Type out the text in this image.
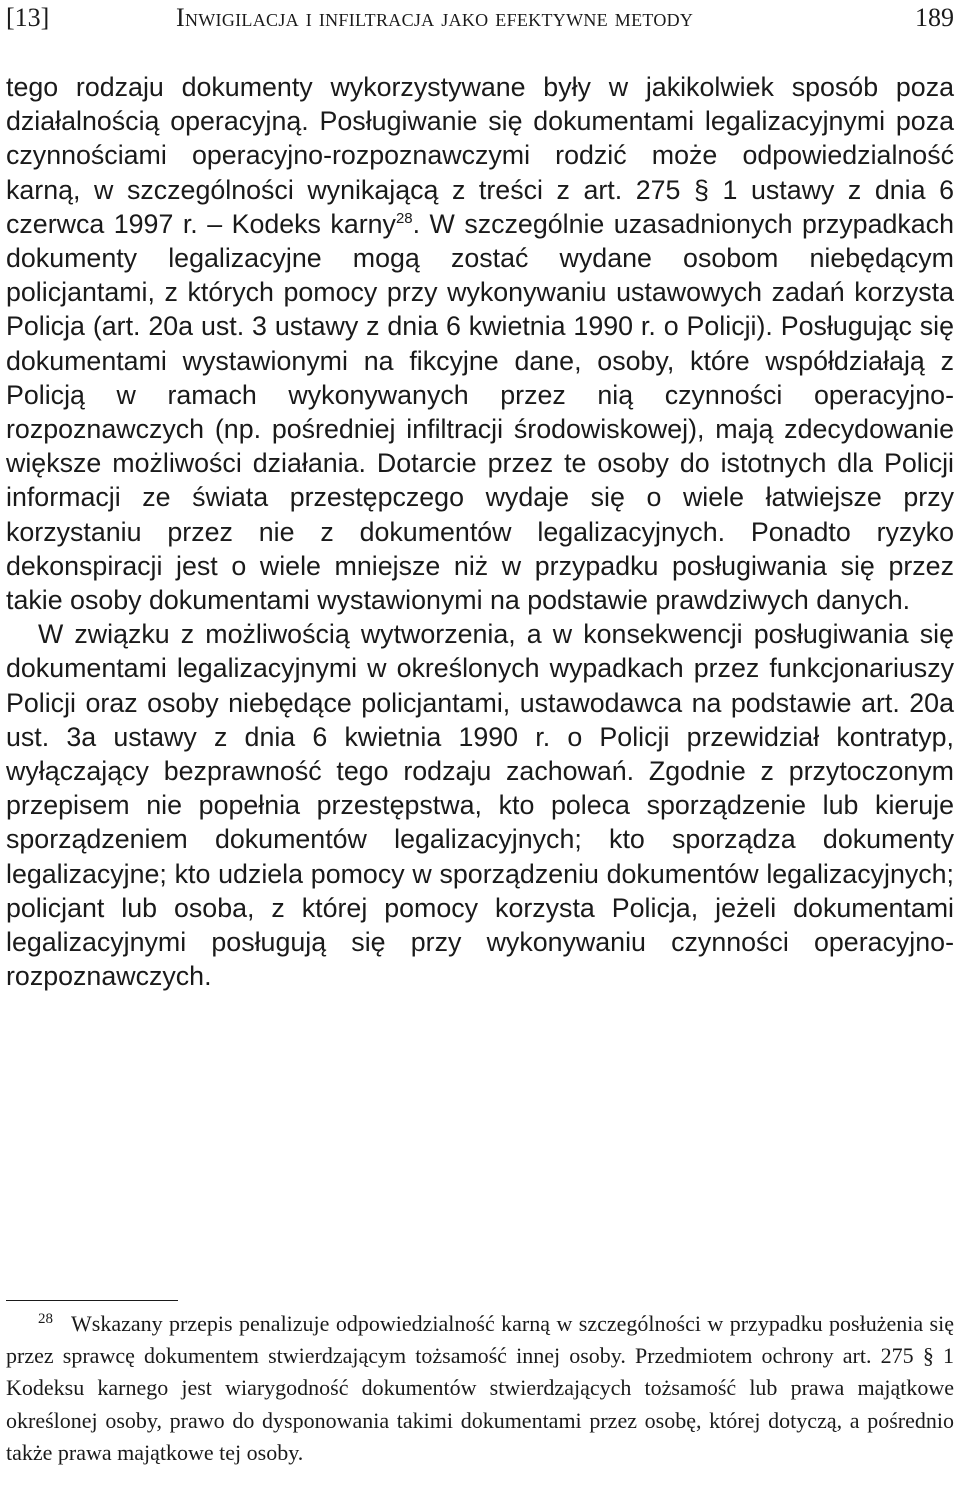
[13]	Inwigilacja i infiltracja jako efektywne metody	189

tego rodzaju dokumenty wykorzystywane były w jakikolwiek sposób poza działalnością operacyjną. Posługiwanie się dokumentami legalizacyjnymi poza czynnościami operacyjno-rozpoznawczymi rodzić może odpowiedzialność karną, w szczególności wynikającą z treści z art. 275 § 1 ustawy z dnia 6 czerwca 1997 r. – Kodeks karny$^{28}$. W szczególnie uzasadnionych przypadkach dokumenty legalizacyjne mogą zostać wydane osobom niebędącym policjantami, z których pomocy przy wykonywaniu ustawowych zadań korzysta Policja (art. 20a ust. 3 ustawy z dnia 6 kwietnia 1990 r. o Policji). Posługując się dokumentami wystawionymi na fikcyjne dane, osoby, które współdziałają z Policją w ramach wykonywanych przez nią czynności operacyjno-rozpoznawczych (np. pośredniej infiltracji środowiskowej), mają zdecydowanie większe możliwości działania. Dotarcie przez te osoby do istotnych dla Policji informacji ze świata przestępczego wydaje się o wiele łatwiejsze przy korzystaniu przez nie z dokumentów legalizacyjnych. Ponadto ryzyko dekonspiracji jest o wiele mniejsze niż w przypadku posługiwania się przez takie osoby dokumentami wystawionymi na podstawie prawdziwych danych.

W związku z możliwością wytworzenia, a w konsekwencji posługiwania się dokumentami legalizacyjnymi w określonych wypadkach przez funkcjonariuszy Policji oraz osoby niebędące policjantami, ustawodawca na podstawie art. 20a ust. 3a ustawy z dnia 6 kwietnia 1990 r. o Policji przewidział kontratyp, wyłączający bezprawność tego rodzaju zachowań. Zgodnie z przytoczonym przepisem nie popełnia przestępstwa, kto poleca sporządzenie lub kieruje sporządzeniem dokumentów legalizacyjnych; kto sporządza dokumenty legalizacyjne; kto udziela pomocy w sporządzeniu dokumentów legalizacyjnych; policjant lub osoba, z której pomocy korzysta Policja, jeżeli dokumentami legalizacyjnymi posługują się przy wykonywaniu czynności operacyjno-rozpoznawczych.

$^{28}$ Wskazany przepis penalizuje odpowiedzialność karną w szczególności w przypadku posłużenia się przez sprawcę dokumentem stwierdzającym tożsamość innej osoby. Przedmiotem ochrony art. 275 § 1 Kodeksu karnego jest wiarygodność dokumentów stwierdzających tożsamość lub prawa majątkowe określonej osoby, prawo do dysponowania takimi dokumentami przez osobę, której dotyczą, a pośrednio także prawa majątkowe tej osoby.
